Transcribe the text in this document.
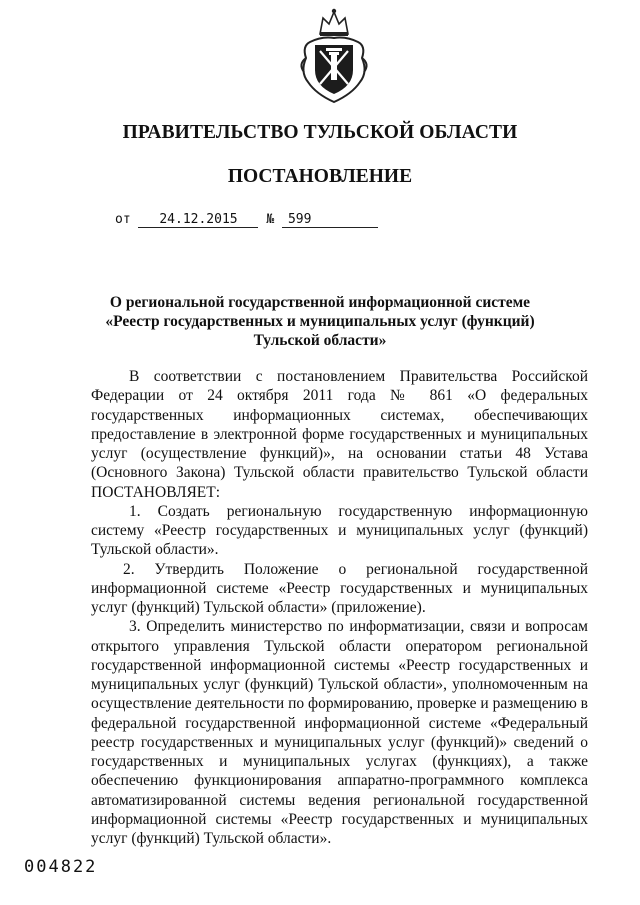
ПРАВИТЕЛЬСТВО ТУЛЬСКОЙ ОБЛАСТИ
ПОСТАНОВЛЕНИЕ
от 24.12.2015 № 599
О региональной государственной информационной системе
«Реестр государственных и муниципальных услуг (функций)
Тульской области»

В соответствии с постановлением Правительства Российской Федерации от 24 октября 2011 года № 861 «О федеральных государственных информационных системах, обеспечивающих предоставление в электронной форме государственных и муниципальных услуг (осуществление функций)», на основании статьи 48 Устава (Основного Закона) Тульской области правительство Тульской области ПОСТАНОВЛЯЕТ:

1. Создать региональную государственную информационную систему «Реестр государственных и муниципальных услуг (функций) Тульской области».

2. Утвердить Положение о региональной государственной информационной системе «Реестр государственных и муниципальных услуг (функций) Тульской области» (приложение).

3. Определить министерство по информатизации, связи и вопросам открытого управления Тульской области оператором региональной государственной информационной системы «Реестр государственных и муниципальных услуг (функций) Тульской области», уполномоченным на осуществление деятельности по формированию, проверке и размещению в федеральной государственной информационной системе «Федеральный реестр государственных и муниципальных услуг (функций)» сведений о государственных и муниципальных услугах (функциях), а также обеспечению функционирования аппаратно-программного комплекса автоматизированной системы ведения региональной государственной информационной системы «Реестр государственных и муниципальных услуг (функций) Тульской области».

004822
